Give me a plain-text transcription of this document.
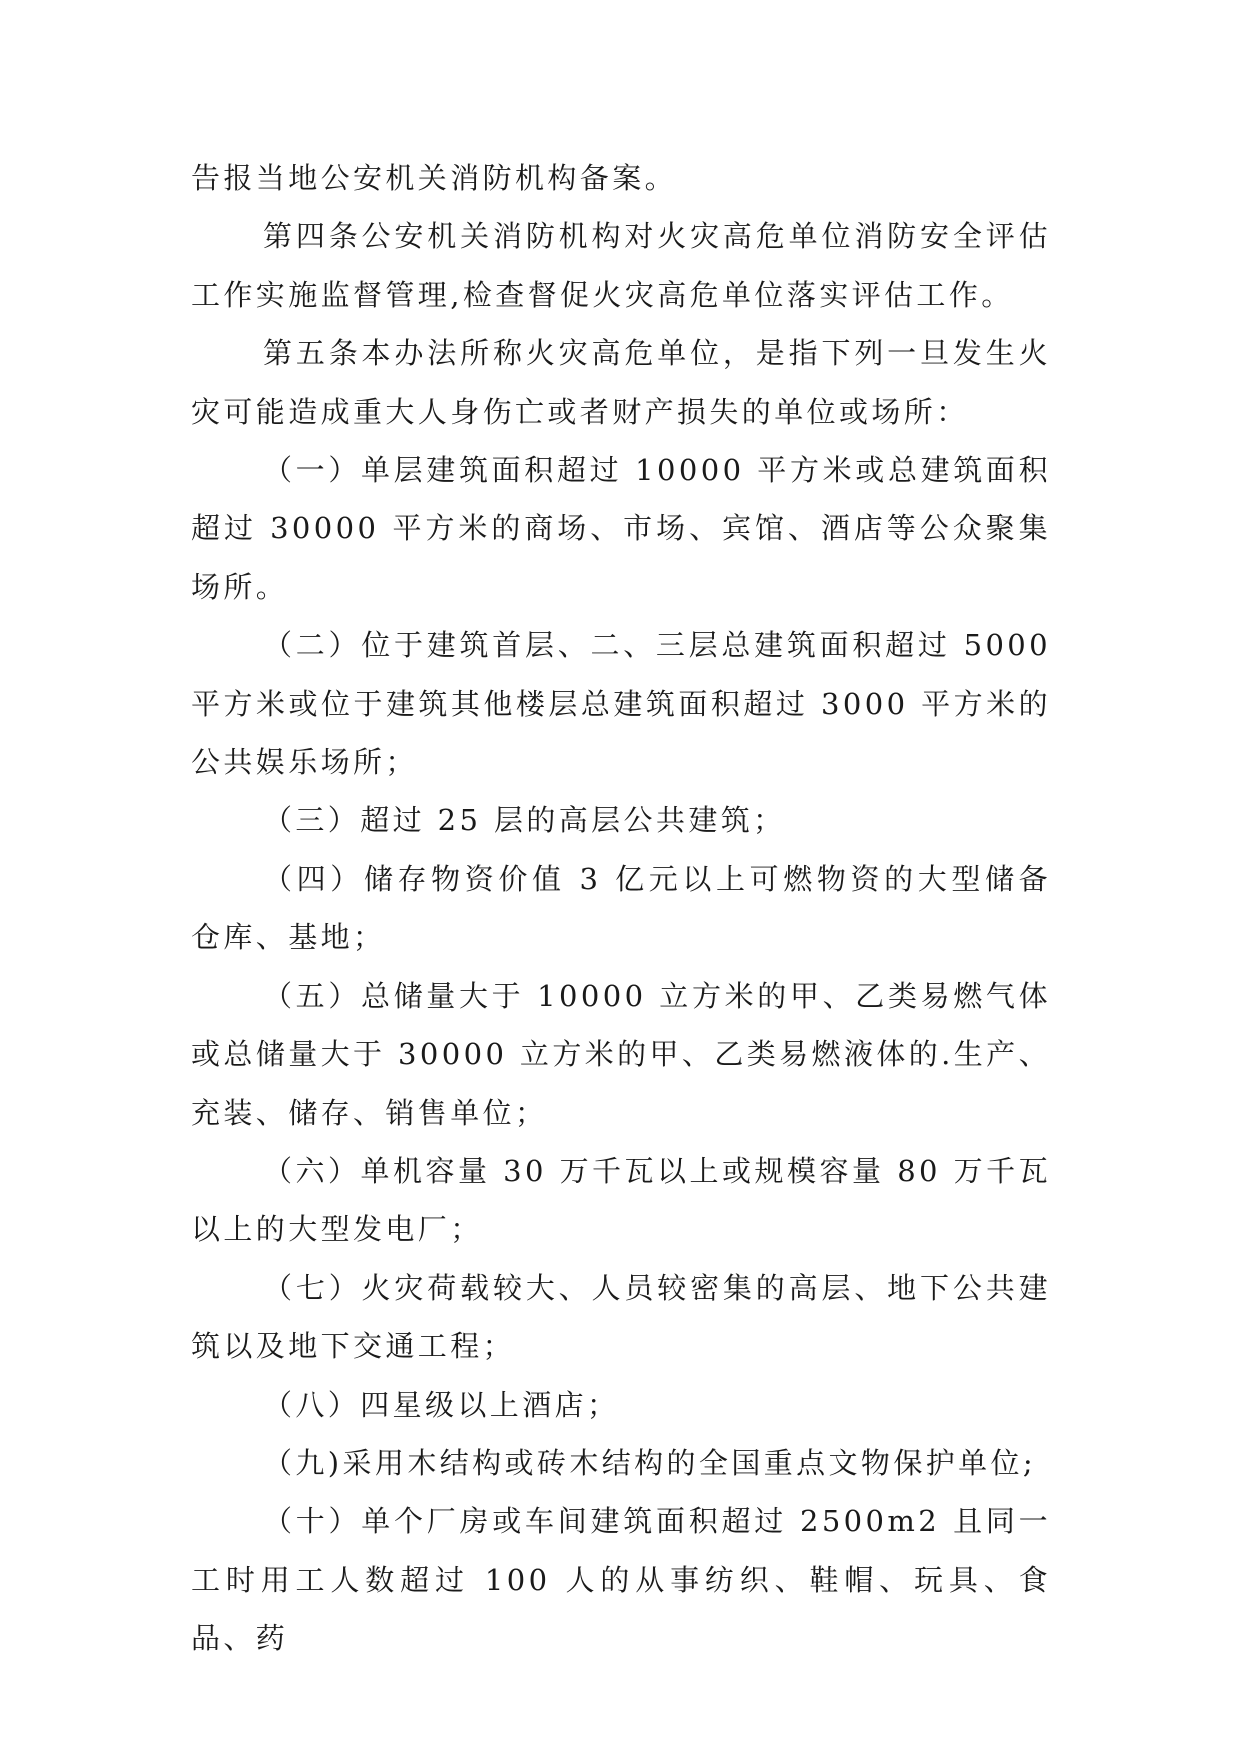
告报当地公安机关消防机构备案。

第四条公安机关消防机构对火灾高危单位消防安全评估工作实施监督管理,检查督促火灾高危单位落实评估工作。

第五条本办法所称火灾高危单位，是指下列一旦发生火灾可能造成重大人身伤亡或者财产损失的单位或场所：

（一）单层建筑面积超过 10000 平方米或总建筑面积超过 30000 平方米的商场、市场、宾馆、酒店等公众聚集场所。

（二）位于建筑首层、二、三层总建筑面积超过 5000 平方米或位于建筑其他楼层总建筑面积超过 3000 平方米的公共娱乐场所；

（三）超过 25 层的高层公共建筑；

（四）储存物资价值 3 亿元以上可燃物资的大型储备仓库、基地；

（五）总储量大于 10000 立方米的甲、乙类易燃气体或总储量大于 30000 立方米的甲、乙类易燃液体的.生产、充装、储存、销售单位；

（六）单机容量 30 万千瓦以上或规模容量 80 万千瓦以上的大型发电厂；

（七）火灾荷载较大、人员较密集的高层、地下公共建筑以及地下交通工程；

（八）四星级以上酒店；

（九)采用木结构或砖木结构的全国重点文物保护单位;

（十）单个厂房或车间建筑面积超过 2500m2 且同一工时用工人数超过 100 人的从事纺织、鞋帽、玩具、食品、药
